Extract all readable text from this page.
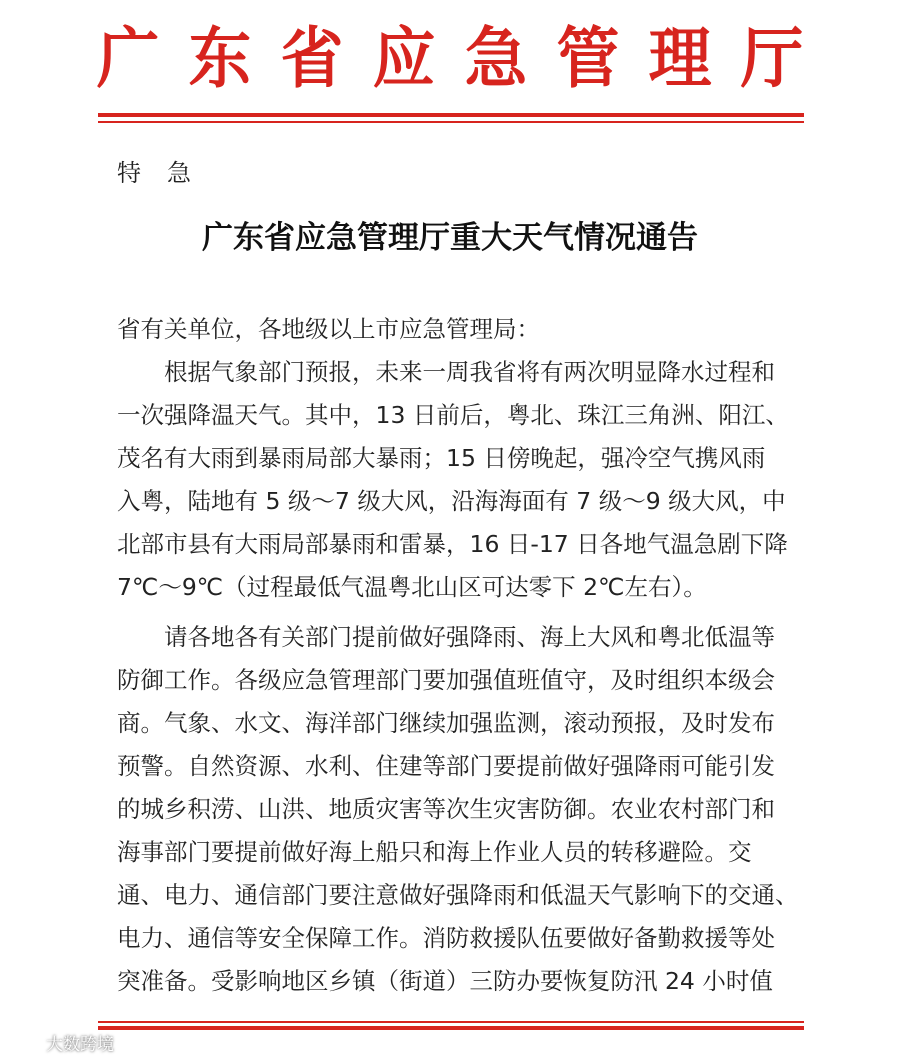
广 东 省 应 急 管 理 厅
特急
广东省应急管理厅重大天气情况通告
省有关单位，各地级以上市应急管理局：
根据气象部门预报，未来一周我省将有两次明显降水过程和
一次强降温天气。其中，13 日前后，粤北、珠江三角洲、阳江、
茂名有大雨到暴雨局部大暴雨；15 日傍晚起，强冷空气携风雨
入粤，陆地有 5 级～7 级大风，沿海海面有 7 级～9 级大风，中
北部市县有大雨局部暴雨和雷暴，16 日-17 日各地气温急剧下降
7℃～9℃（过程最低气温粤北山区可达零下 2℃左右）。
请各地各有关部门提前做好强降雨、海上大风和粤北低温等
防御工作。各级应急管理部门要加强值班值守，及时组织本级会
商。气象、水文、海洋部门继续加强监测，滚动预报，及时发布
预警。自然资源、水利、住建等部门要提前做好强降雨可能引发
的城乡积涝、山洪、地质灾害等次生灾害防御。农业农村部门和
海事部门要提前做好海上船只和海上作业人员的转移避险。交
通、电力、通信部门要注意做好强降雨和低温天气影响下的交通、
电力、通信等安全保障工作。消防救援队伍要做好备勤救援等处
突准备。受影响地区乡镇（街道）三防办要恢复防汛 24 小时值
大数跨境
